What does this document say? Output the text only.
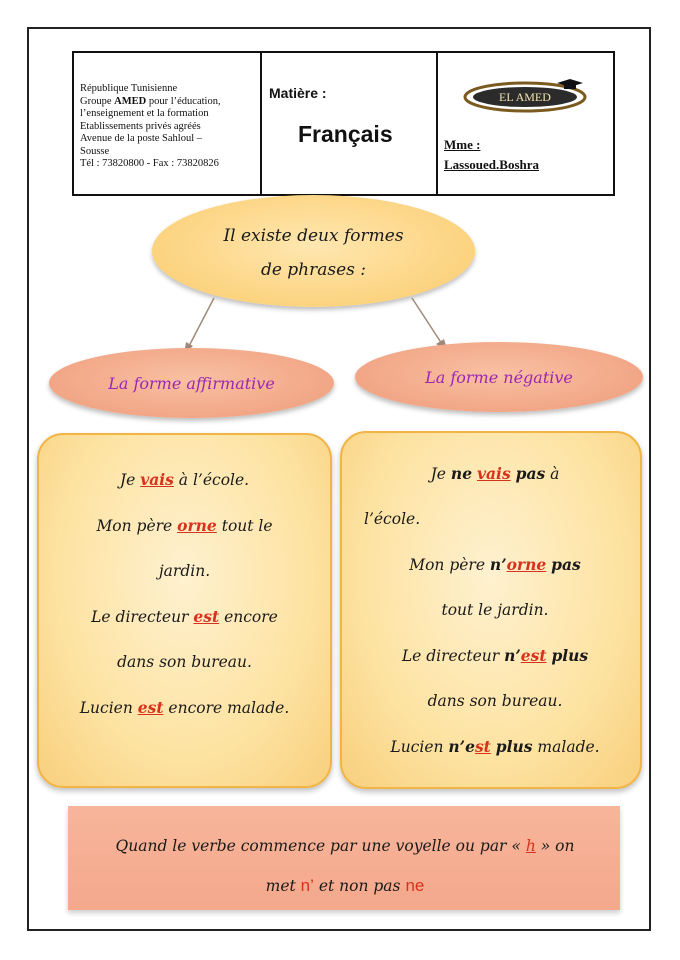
République Tunisienne
Groupe AMED pour l’éducation,
l’enseignement et la formation
Etablissements privés agréés
Avenue de la poste Sahloul –
Sousse
Tél : 73820800 - Fax : 73820826
Matière :
Français
EL AMED
Mme :
Lassoued.Boshra
Il existe deux formes
de phrases :
La forme affirmative	La forme négative
Je vais à l’école.
Mon père orne tout le
jardin.
Le directeur est encore
dans son bureau.
Lucien est encore malade.
Je ne vais pas à
l’école.
Mon père n’orne pas
tout le jardin.
Le directeur n’est plus
dans son bureau.
Lucien n’est plus malade.
Quand le verbe commence par une voyelle ou par « h » on
met n’ et non pas ne
